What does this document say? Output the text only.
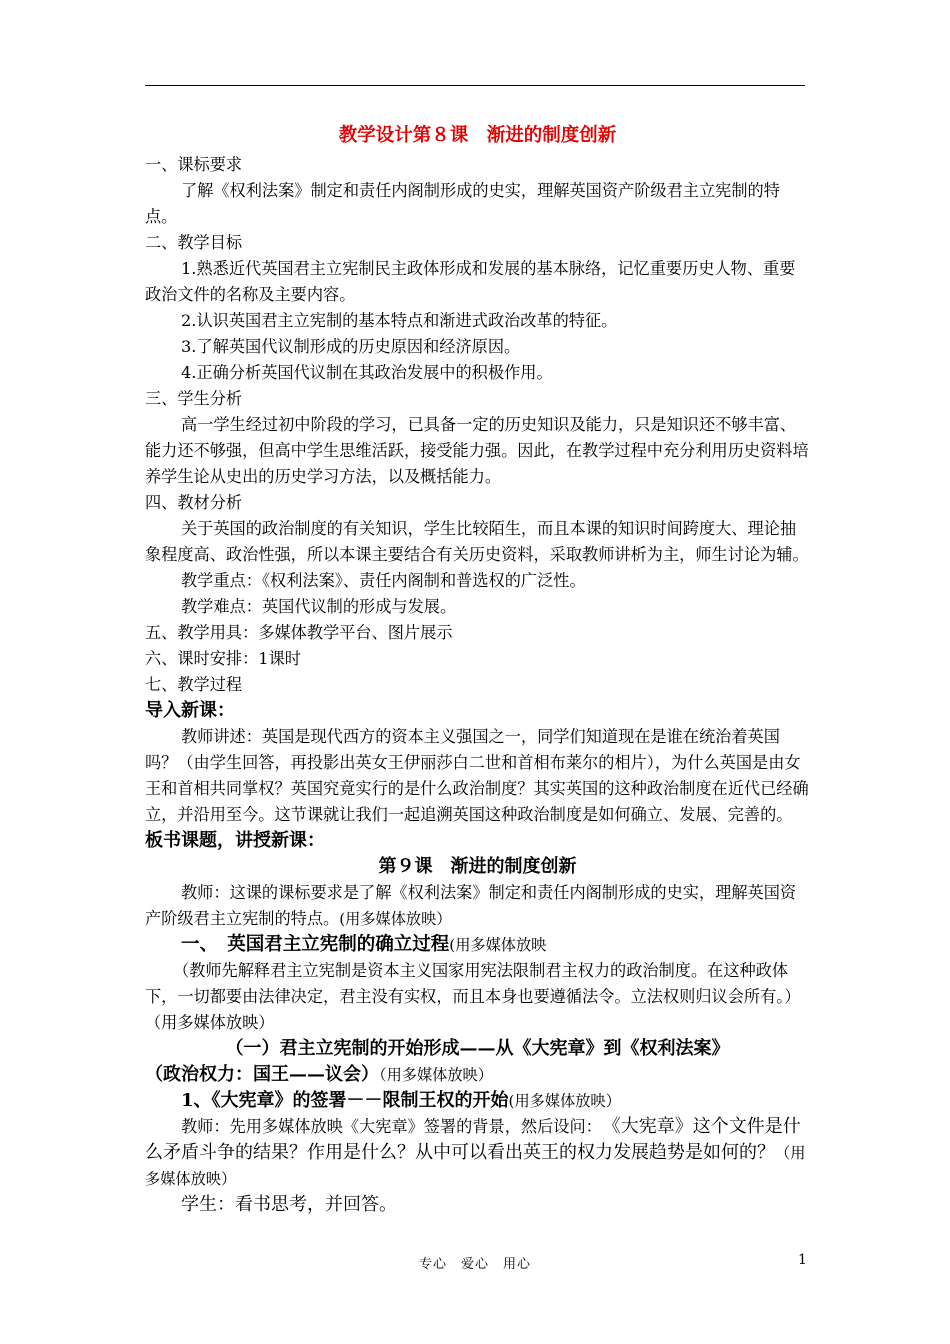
教学设计第８课　渐进的制度创新
一、课标要求
了解《权利法案》制定和责任内阁制形成的史实，理解英国资产阶级君主立宪制的特点。
二、教学目标
1.熟悉近代英国君主立宪制民主政体形成和发展的基本脉络，记忆重要历史人物、重要政治文件的名称及主要内容。
2.认识英国君主立宪制的基本特点和渐进式政治改革的特征。
3.了解英国代议制形成的历史原因和经济原因。
4.正确分析英国代议制在其政治发展中的积极作用。
三、学生分析
高一学生经过初中阶段的学习，已具备一定的历史知识及能力，只是知识还不够丰富、能力还不够强，但高中学生思维活跃，接受能力强。因此，在教学过程中充分利用历史资料培养学生论从史出的历史学习方法，以及概括能力。
四、教材分析
关于英国的政治制度的有关知识，学生比较陌生，而且本课的知识时间跨度大、理论抽象程度高、政治性强，所以本课主要结合有关历史资料，采取教师讲析为主，师生讨论为辅。
教学重点：《权利法案》、责任内阁制和普选权的广泛性。
教学难点：英国代议制的形成与发展。
五、教学用具：多媒体教学平台、图片展示
六、课时安排：1课时
七、教学过程
导入新课：
教师讲述：英国是现代西方的资本主义强国之一，同学们知道现在是谁在统治着英国吗？（由学生回答，再投影出英女王伊丽莎白二世和首相布莱尔的相片），为什么英国是由女王和首相共同掌权？英国究竟实行的是什么政治制度？其实英国的这种政治制度在近代已经确立，并沿用至今。这节课就让我们一起追溯英国这种政治制度是如何确立、发展、完善的。
板书课题，讲授新课：
第９课　渐进的制度创新
教师：这课的课标要求是了解《权利法案》制定和责任内阁制形成的史实，理解英国资产阶级君主立宪制的特点。(用多媒体放映）
一、　英国君主立宪制的确立过程(用多媒体放映
（教师先解释君主立宪制是资本主义国家用宪法限制君主权力的政治制度。在这种政体下，一切都要由法律决定，君主没有实权，而且本身也要遵循法令。立法权则归议会所有。）（用多媒体放映）
（一）君主立宪制的开始形成——从《大宪章》到《权利法案》
（政治权力：国王——议会）（用多媒体放映）
1、《大宪章》的签署－－限制王权的开始(用多媒体放映）
教师：先用多媒体放映《大宪章》签署的背景，然后设问：　 《大宪章》这个文件是什么矛盾斗争的结果？作用是什么？从中可以看出英王的权力发展趋势是如何的？（用多媒体放映）
学生：看书思考，并回答。
专心　爱心　用心	1
